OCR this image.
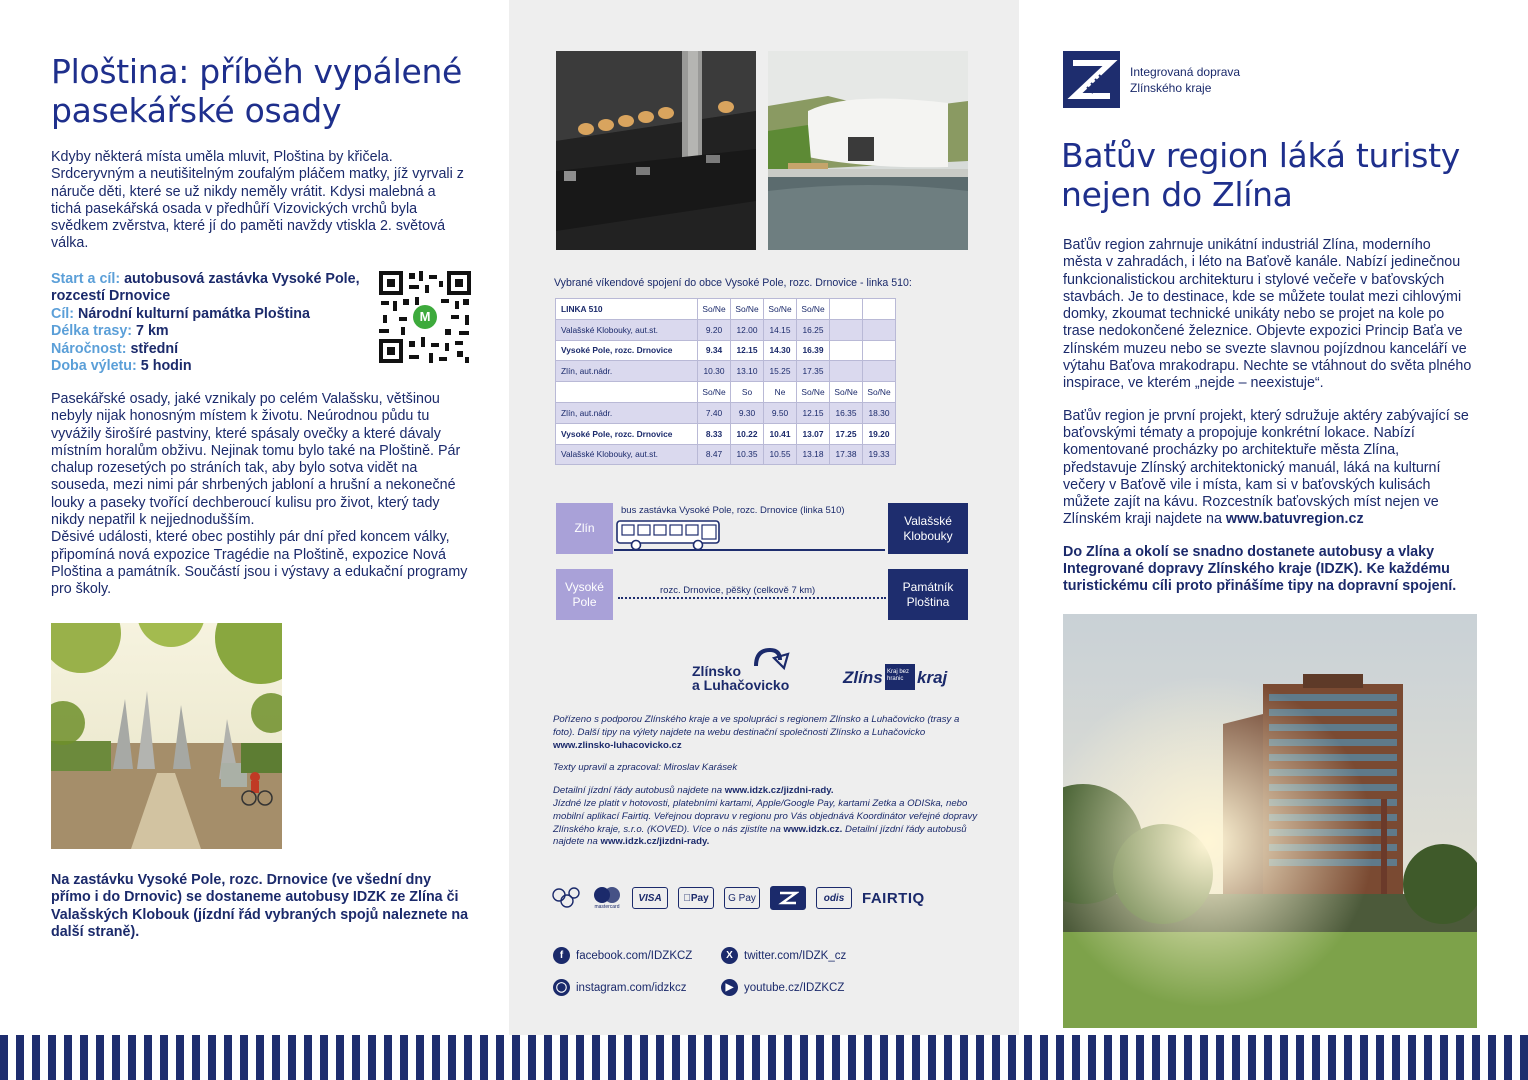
Ploština: příběh vypálené pasekářské osady

Kdyby některá místa uměla mluvit, Ploština by křičela. Srdceryvným a neutišitelným zoufalým pláčem matky, jíž vyrvali z náruče děti, které se už nikdy neměly vrátit. Kdysi malebná a tichá pasekářská osada v předhůří Vizovických vrchů byla svědkem zvěrstva, které jí do paměti navždy vtiskla 2. světová válka.

Start a cíl: autobusová zastávka Vysoké Pole, rozcestí Drnovice
Cíl: Národní kulturní památka Ploština
Délka trasy: 7 km
Náročnost: střední
Doba výletu: 5 hodin
M

Pasekářské osady, jaké vznikaly po celém Valašsku, většinou nebyly nijak honosným místem k životu. Neúrodnou půdu tu vyvážily širošíré pastviny, které spásaly ovečky a které dávaly místním horalům obživu. Nejinak tomu bylo také na Ploštině. Pár chalup rozesetých po stráních tak, aby bylo sotva vidět na souseda, mezi nimi pár shrbených jabloní a hrušní a nekonečné louky a paseky tvořící dechberoucí kulisu pro život, který tady nikdy nepatřil k nejjednodušším.

Děsivé události, které obec postihly pár dní před koncem války, připomíná nová expozice Tragédie na Ploštině, expozice Nová Ploština a památník. Součástí jsou i výstavy a edukační programy pro školy.

Na zastávku Vysoké Pole, rozc. Drnovice (ve všední dny přímo i do Drnovic) se dostaneme autobusy IDZK ze Zlína či Valašských Klobouk (jízdní řád vybraných spojů naleznete na další straně).

Vybrané víkendové spojení do obce Vysoké Pole, rozc. Drnovice - linka 510:

LINKA 510	So/Ne	So/Ne	So/Ne	So/Ne		
Valašské Klobouky, aut.st.	9.20	12.00	14.15	16.25		
Vysoké Pole, rozc. Drnovice	9.34	12.15	14.30	16.39		
Zlín, aut.nádr.	10.30	13.10	15.25	17.35		
	So/Ne	So	Ne	So/Ne	So/Ne	So/Ne
Zlín, aut.nádr.	7.40	9.30	9.50	12.15	16.35	18.30
Vysoké Pole, rozc. Drnovice	8.33	10.22	10.41	13.07	17.25	19.20
Valašské Klobouky, aut.st.	8.47	10.35	10.55	13.18	17.38	19.33
Zlín
bus zastávka Vysoké Pole, rozc. Drnovice (linka 510)
Valašské Klobouky
Vysoké Pole
rozc. Drnovice, pěšky (celkově 7 km)	Památník Ploština
Zlínsko
a Luhačovicko	Zlíns Kraj bez hranic kraj

Pořízeno s podporou Zlínského kraje a ve spolupráci s regionem Zlínsko a Luhačovicko (trasy a foto). Další tipy na výlety najdete na webu destinační společnosti Zlínsko a Luhačovicko www.zlinsko-luhacovicko.cz

Texty upravil a zpracoval: Miroslav Karásek

Detailní jízdní řády autobusů najdete na www.idzk.cz/jizdni-rady.
Jízdné lze platit v hotovosti, platebními kartami, Apple/Google Pay, kartami Zetka a ODISka, nebo mobilní aplikací Fairtiq. Veřejnou dopravu v regionu pro Vás objednává Koordinátor veřejné dopravy Zlínského kraje, s.r.o. (KOVED). Více o nás zjistíte na www.idzk.cz. Detailní jízdní řády autobusů najdete na www.idzk.cz/jizdni-rady.

mastercard
VISA	Pay	G Pay	odis	FAIRTIQ
f	facebook.com/IDZKCZ	X twitter.com/IDZK_cz
◯ instagram.com/idzkcz	▶ youtube.cz/IDZKCZ
Integrovaná doprava
Zlínského kraje
Baťův region láká turisty nejen do Zlína

Baťův region zahrnuje unikátní industriál Zlína, moderního města v zahradách, i léto na Baťově kanále. Nabízí jedinečnou funkcionalistickou architekturu i stylové večeře v baťovských stavbách. Je to destinace, kde se můžete toulat mezi cihlovými domky, zkoumat technické unikáty nebo se projet na kole po trase nedokončené železnice. Objevte expozici Princip Baťa ve zlínském muzeu nebo se svezte slavnou pojízdnou kanceláří ve výtahu Baťova mrakodrapu. Nechte se vtáhnout do světa plného inspirace, ve kterém „nejde – neexistuje“.

Baťův region je první projekt, který sdružuje aktéry zabývající se baťovskými tématy a propojuje konkrétní lokace. Nabízí komentované procházky po architektuře města Zlína, představuje Zlínský architektonický manuál, láká na kulturní večery v Baťově vile i místa, kam si v baťovských kulisách můžete zajít na kávu. Rozcestník baťovských míst nejen ve Zlínském kraji najdete na www.batuvregion.cz

Do Zlína a okolí se snadno dostanete autobusy a vlaky Integrované dopravy Zlínského kraje (IDZK). Ke každému turistickému cíli proto přinášíme tipy na dopravní spojení.
